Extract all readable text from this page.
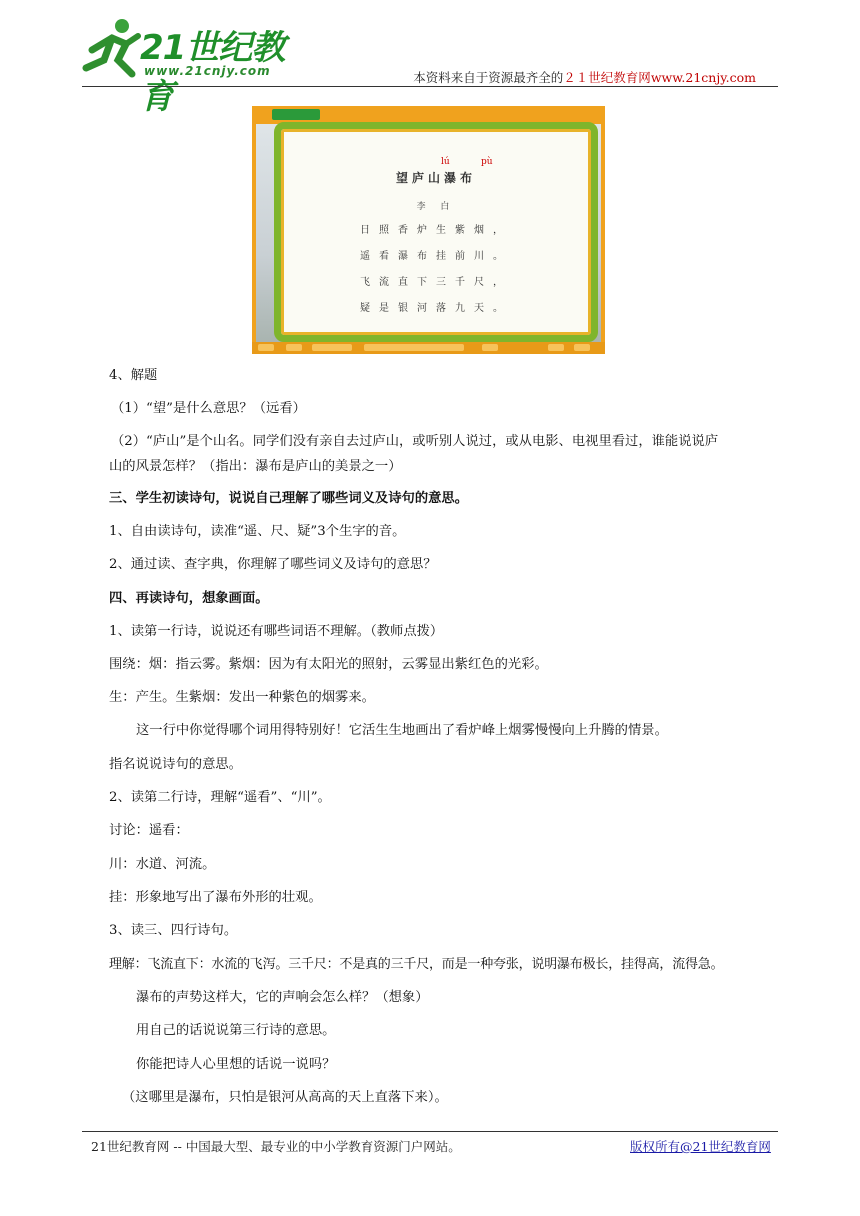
21世纪教育
www.21cnjy.com	本资料来自于资源最齐全的２１世纪教育网www.21cnjy.com
lú	pù
望庐山瀑布
李 白
日照香炉生紫烟，
遥看瀑布挂前川。
飞流直下三千尺，
疑是银河落九天。
4、解题
（1）“望”是什么意思？（远看）
（2）“庐山”是个山名。同学们没有亲自去过庐山，或听别人说过，或从电影、电视里看过，谁能说说庐
山的风景怎样？（指出：瀑布是庐山的美景之一）
三、学生初读诗句，说说自己理解了哪些词义及诗句的意思。
1、自由读诗句，读准“遥、尺、疑”3个生字的音。
2、通过读、查字典，你理解了哪些词义及诗句的意思？
四、再读诗句，想象画面。
1、读第一行诗，说说还有哪些词语不理解。（教师点拨）
围绕：烟：指云雾。紫烟：因为有太阳光的照射，云雾显出紫红色的光彩。
生：产生。生紫烟：发出一种紫色的烟雾来。
这一行中你觉得哪个词用得特别好！它活生生地画出了看炉峰上烟雾慢慢向上升腾的情景。
指名说说诗句的意思。
2、读第二行诗，理解“遥看”、“川”。
讨论：遥看：
川：水道、河流。
挂：形象地写出了瀑布外形的壮观。
3、读三、四行诗句。
理解：飞流直下：水流的飞泻。三千尺：不是真的三千尺，而是一种夸张，说明瀑布极长，挂得高，流得急。
瀑布的声势这样大，它的声响会怎么样？（想象）
用自己的话说说第三行诗的意思。
你能把诗人心里想的话说一说吗？
（这哪里是瀑布，只怕是银河从高高的天上直落下来）。
21世纪教育网 -- 中国最大型、最专业的中小学教育资源门户网站。	版权所有@21世纪教育网
